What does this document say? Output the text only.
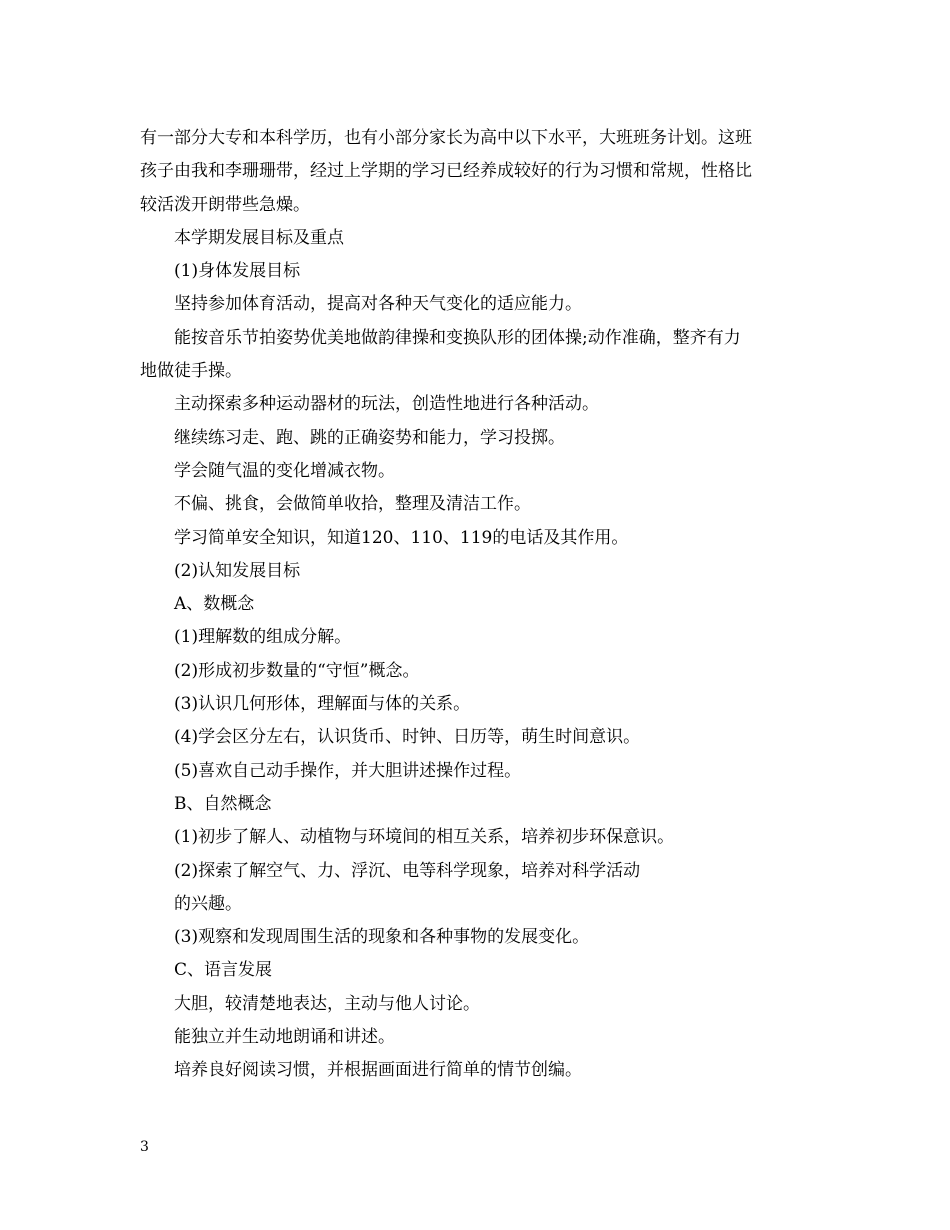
有一部分大专和本科学历，也有小部分家长为高中以下水平，大班班务计划。这班
孩子由我和李珊珊带，经过上学期的学习已经养成较好的行为习惯和常规，性格比
较活泼开朗带些急燥。
本学期发展目标及重点
(1)身体发展目标
坚持参加体育活动，提高对各种天气变化的适应能力。
能按音乐节拍姿势优美地做韵律操和变换队形的团体操;动作准确，整齐有力
地做徒手操。
主动探索多种运动器材的玩法，创造性地进行各种活动。
继续练习走、跑、跳的正确姿势和能力，学习投掷。
学会随气温的变化增减衣物。
不偏、挑食，会做简单收拾，整理及清洁工作。
学习简单安全知识，知道120、110、119的电话及其作用。
(2)认知发展目标
A、数概念
(1)理解数的组成分解。
(2)形成初步数量的“守恒”概念。
(3)认识几何形体，理解面与体的关系。
(4)学会区分左右，认识货币、时钟、日历等，萌生时间意识。
(5)喜欢自己动手操作，并大胆讲述操作过程。
B、自然概念
(1)初步了解人、动植物与环境间的相互关系，培养初步环保意识。
(2)探索了解空气、力、浮沉、电等科学现象，培养对科学活动
的兴趣。
(3)观察和发现周围生活的现象和各种事物的发展变化。
C、语言发展
大胆，较清楚地表达，主动与他人讨论。
能独立并生动地朗诵和讲述。
培养良好阅读习惯，并根据画面进行简单的情节创编。
3
